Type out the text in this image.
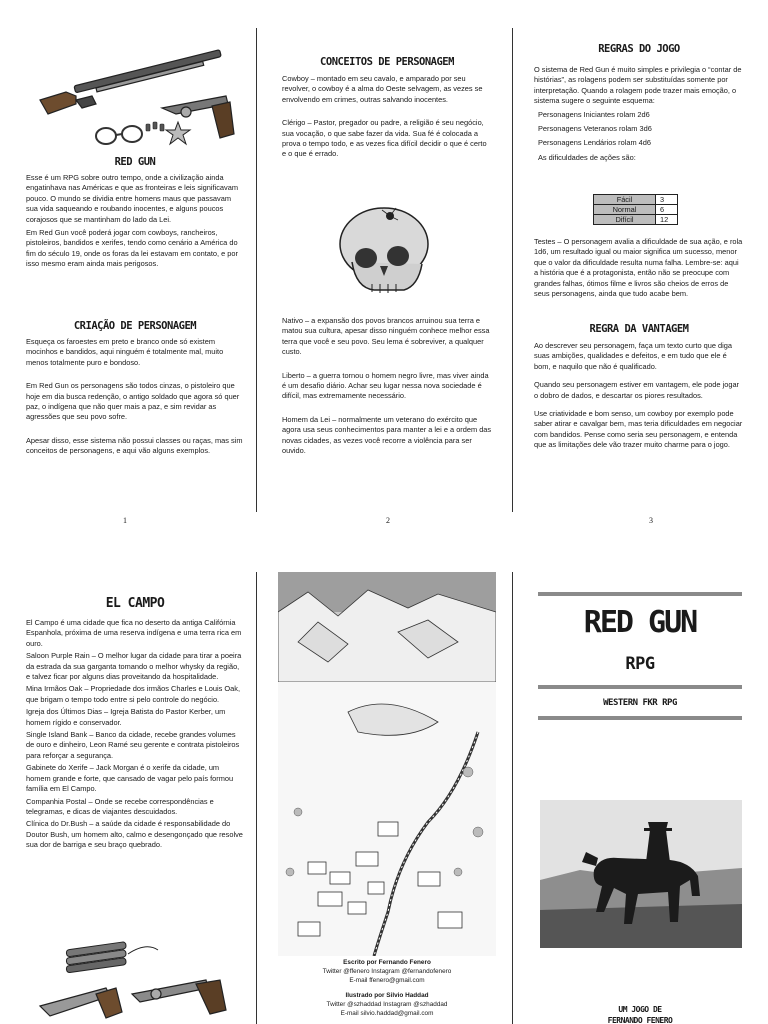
RED GUN

Esse é um RPG sobre outro tempo, onde a civilização ainda engatinhava nas Américas e que as fronteiras e leis significavam pouco. O mundo se dividia entre homens maus que passavam sua vida saqueando e roubando inocentes, e alguns poucos corajosos que se mantinham do lado da Lei.

Em Red Gun você poderá jogar com cowboys, rancheiros, pistoleiros, bandidos e xerifes, tendo como cenário a América do fim do século 19, onde os foras da lei estavam em contato, e por isso mesmo eram ainda mais perigosos.

CRIAÇÃO DE PERSONAGEM

Esqueça os faroestes em preto e branco onde só existem mocinhos e bandidos, aqui ninguém é totalmente mal, muito menos totalmente puro e bondoso.

Em Red Gun os personagens são todos cinzas, o pistoleiro que hoje em dia busca redenção, o antigo soldado que agora só quer paz, o indígena que não quer mais a paz, e sim revidar as agressões que seu povo sofre.

Apesar disso, esse sistema não possui classes ou raças, mas sim conceitos de personagens, e aqui vão alguns exemplos.

1
CONCEITOS DE PERSONAGEM

Cowboy – montado em seu cavalo, e amparado por seu revolver, o cowboy é a alma do Oeste selvagem, as vezes se envolvendo em crimes, outras salvando inocentes.

Clérigo – Pastor, pregador ou padre, a religião é seu negócio, sua vocação, o que sabe fazer da vida. Sua fé é colocada a prova o tempo todo, e as vezes fica difícil decidir o que é certo e o que é errado.

Nativo – a expansão dos povos brancos arruinou sua terra e matou sua cultura, apesar disso ninguém conhece melhor essa terra que você e seu povo. Seu lema é sobreviver, a qualquer custo.

Liberto – a guerra tornou o homem negro livre, mas viver ainda é um desafio diário. Achar seu lugar nessa nova sociedade é difícil, mas extremamente necessário.

Homem da Lei – normalmente um veterano do exército que agora usa seus conhecimentos para manter a lei e a ordem das novas cidades, as vezes você recorre a violência para ser ouvido.

2
REGRAS DO JOGO

O sistema de Red Gun é muito simples e privilegia o “contar de histórias”, as rolagens podem ser substituídas somente por interpretação. Quando a rolagem pode trazer mais emoção, o sistema sugere o seguinte esquema:

Personagens Iniciantes rolam 2d6

Personagens Veteranos rolam 3d6

Personagens Lendários rolam 4d6

As dificuldades de ações são:

Fácil	3
Normal	6
Difícil	12

Testes – O personagem avalia a dificuldade de sua ação, e rola 1d6, um resultado igual ou maior significa um sucesso, menor que o valor da dificuldade resulta numa falha. Lembre-se: aqui a história que é a protagonista, então não se preocupe com grandes falhas, ótimos filme e livros são cheios de erros de seus personagens, ainda que tudo acabe bem.

REGRA DA VANTAGEM

Ao descrever seu personagem, faça um texto curto que diga suas ambições, qualidades e defeitos, e em tudo que ele é bom, e naquilo que não é qualificado.

Quando seu personagem estiver em vantagem, ele pode jogar o dobro de dados, e descartar os piores resultados.

Use criatividade e bom senso, um cowboy por exemplo pode saber atirar e cavalgar bem, mas teria dificuldades em negociar com bandidos. Pense como seria seu personagem, e entenda que as limitações dele vão trazer muito charme para o jogo.

3
EL CAMPO

El Campo é uma cidade que fica no deserto da antiga Califórnia Espanhola, próxima de uma reserva indígena e uma terra rica em ouro.

Saloon Purple Rain – O melhor lugar da cidade para tirar a poeira da estrada da sua garganta tomando o melhor whysky da região, e talvez ficar por alguns dias proveitando da hospitalidade.

Mina Irmãos Oak – Propriedade dos irmãos Charles e Louis Oak, que brigam o tempo todo entre si pelo controle do negócio.

Igreja dos Últimos Dias – Igreja Batista do Pastor Kerber, um homem rígido e conservador.

Single Island Bank – Banco da cidade, recebe grandes volumes de ouro e dinheiro, Leon Ramé seu gerente e contrata pistoleiros para reforçar a segurança.

Gabinete do Xerife – Jack Morgan é o xerife da cidade, um homem grande e forte, que cansado de vagar pelo país formou família em El Campo.

Companhia Postal – Onde se recebe correspondências e telegramas, e dicas de viajantes descuidados.

Clínica do Dr.Bush – a saúde da cidade é responsabilidade do Doutor Bush, um homem alto, calmo e desengonçado que resolve sua dor de barriga e seu braço quebrado.

Escrito por Fernando Fenero

Twitter @ffenero Instagram @fernandofenero

E-mail ffenero@gmail.com

Ilustrado por Silvio Haddad

Twitter @szhaddad Instagram @szhaddad

E-mail silvio.haddad@gmail.com

RED GUN
RPG
WESTERN FKR RPG
UM JOGO DE
FERNANDO FENERO
